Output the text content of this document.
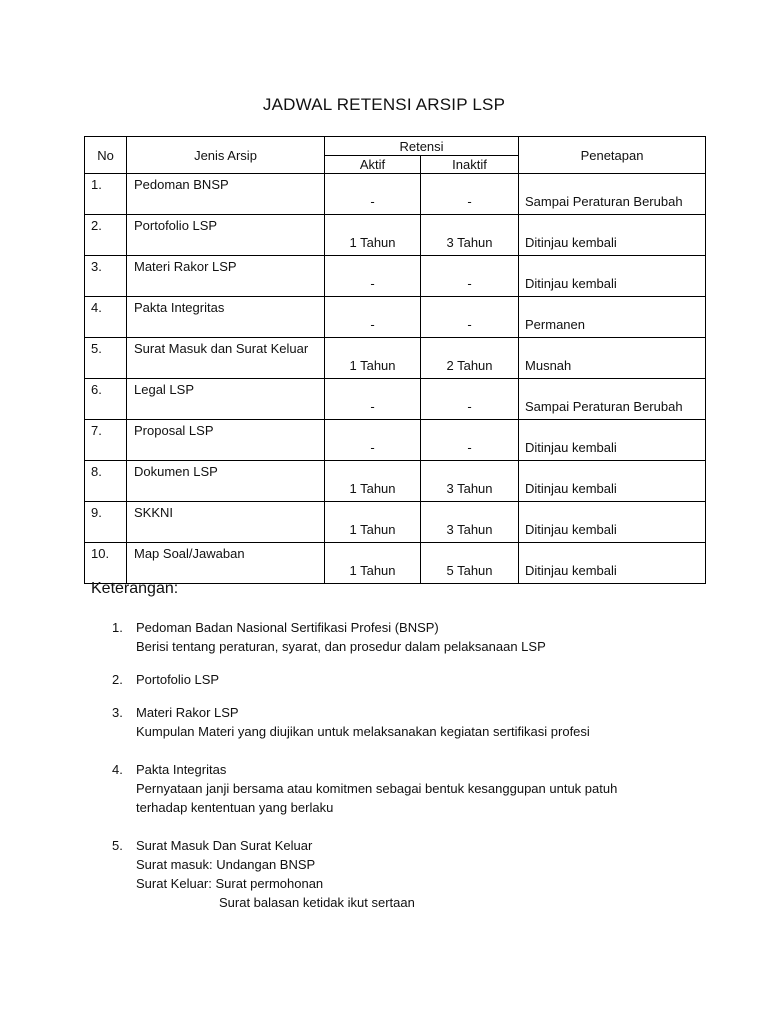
JADWAL RETENSI ARSIP LSP
No	Jenis Arsip	Retensi		Penetapan
		Aktif	Inaktif	
1.	Pedoman BNSP	-	-	Sampai Peraturan Berubah
2.	Portofolio LSP	1 Tahun	3 Tahun	Ditinjau kembali
3.	Materi Rakor LSP	-	-	Ditinjau kembali
4.	Pakta Integritas	-	-	Permanen
5.	Surat Masuk dan Surat Keluar	1 Tahun	2 Tahun	Musnah
6.	Legal LSP	-	-	Sampai Peraturan Berubah
7.	Proposal LSP	-	-	Ditinjau kembali
8.	Dokumen LSP	1 Tahun	3 Tahun	Ditinjau kembali
9.	SKKNI	1 Tahun	3 Tahun	Ditinjau kembali
10.	Map Soal/Jawaban	1 Tahun	5 Tahun	Ditinjau kembali
Keterangan:
1. Pedoman Badan Nasional Sertifikasi Profesi (BNSP)
Berisi tentang peraturan, syarat, dan prosedur dalam pelaksanaan LSP
2. Portofolio LSP
3. Materi Rakor LSP
Kumpulan Materi yang diujikan untuk melaksanakan kegiatan sertifikasi profesi
4. Pakta Integritas
Pernyataan janji bersama atau komitmen sebagai bentuk kesanggupan untuk patuh
terhadap kententuan yang berlaku
5. Surat Masuk Dan Surat Keluar
Surat masuk: Undangan BNSP
Surat Keluar: Surat permohonan
Surat balasan ketidak ikut sertaan
